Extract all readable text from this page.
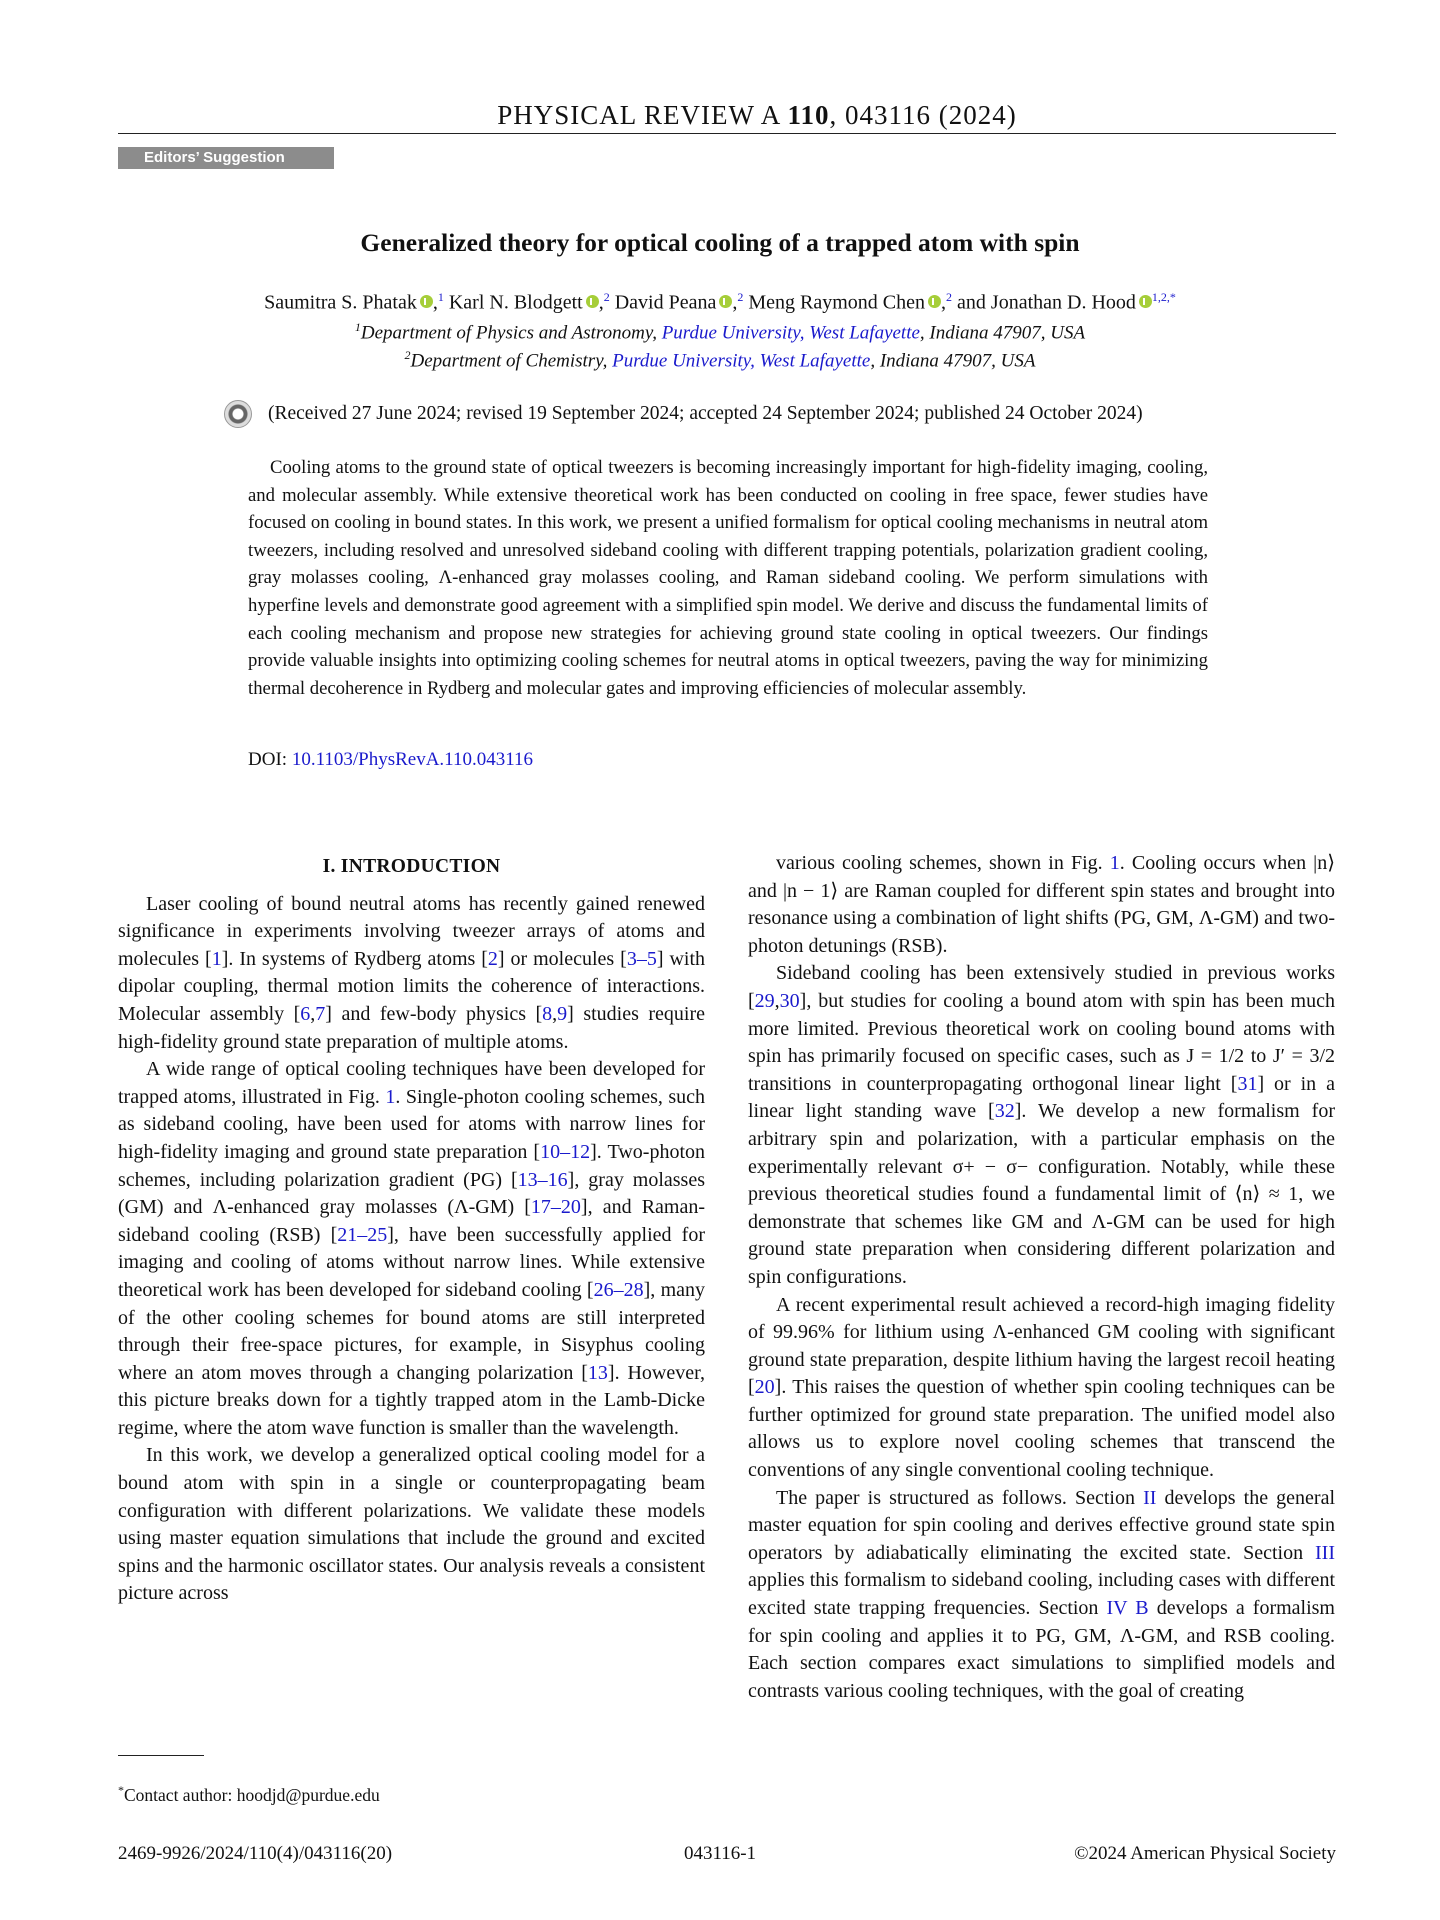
PHYSICAL REVIEW A 110, 043116 (2024)
Editors’ Suggestion
Generalized theory for optical cooling of a trapped atom with spin
Saumitra S. Phatak ,$^1$ Karl N. Blodgett ,$^2$ David Peana ,$^2$ Meng Raymond Chen ,$^2$ and Jonathan D. Hood $^{1,2,*}$
$^1$Department of Physics and Astronomy, Purdue University, West Lafayette, Indiana 47907, USA
$^2$Department of Chemistry, Purdue University, West Lafayette, Indiana 47907, USA
(Received 27 June 2024; revised 19 September 2024; accepted 24 September 2024; published 24 October 2024)

Cooling atoms to the ground state of optical tweezers is becoming increasingly important for high-fidelity imaging, cooling, and molecular assembly. While extensive theoretical work has been conducted on cooling in free space, fewer studies have focused on cooling in bound states. In this work, we present a unified formalism for optical cooling mechanisms in neutral atom tweezers, including resolved and unresolved sideband cooling with different trapping potentials, polarization gradient cooling, gray molasses cooling, Λ-enhanced gray molasses cooling, and Raman sideband cooling. We perform simulations with hyperfine levels and demonstrate good agreement with a simplified spin model. We derive and discuss the fundamental limits of each cooling mechanism and propose new strategies for achieving ground state cooling in optical tweezers. Our findings provide valuable insights into optimizing cooling schemes for neutral atoms in optical tweezers, paving the way for minimizing thermal decoherence in Rydberg and molecular gates and improving efficiencies of molecular assembly.

DOI: 10.1103/PhysRevA.110.043116
I. INTRODUCTION

Laser cooling of bound neutral atoms has recently gained renewed significance in experiments involving tweezer arrays of atoms and molecules [1]. In systems of Rydberg atoms [2] or molecules [3–5] with dipolar coupling, thermal motion limits the coherence of interactions. Molecular assembly [6,7] and few-body physics [8,9] studies require high-fidelity ground state preparation of multiple atoms.

A wide range of optical cooling techniques have been developed for trapped atoms, illustrated in Fig. 1. Single-photon cooling schemes, such as sideband cooling, have been used for atoms with narrow lines for high-fidelity imaging and ground state preparation [10–12]. Two-photon schemes, including polarization gradient (PG) [13–16], gray molasses (GM) and Λ-enhanced gray molasses (Λ-GM) [17–20], and Raman-sideband cooling (RSB) [21–25], have been successfully applied for imaging and cooling of atoms without narrow lines. While extensive theoretical work has been developed for sideband cooling [26–28], many of the other cooling schemes for bound atoms are still interpreted through their free-space pictures, for example, in Sisyphus cooling where an atom moves through a changing polarization [13]. However, this picture breaks down for a tightly trapped atom in the Lamb-Dicke regime, where the atom wave function is smaller than the wavelength.

In this work, we develop a generalized optical cooling model for a bound atom with spin in a single or counterpropagating beam configuration with different polarizations. We validate these models using master equation simulations that include the ground and excited spins and the harmonic oscillator states. Our analysis reveals a consistent picture across

various cooling schemes, shown in Fig. 1. Cooling occurs when |n⟩ and |n − 1⟩ are Raman coupled for different spin states and brought into resonance using a combination of light shifts (PG, GM, Λ-GM) and two-photon detunings (RSB).

Sideband cooling has been extensively studied in previous works [29,30], but studies for cooling a bound atom with spin has been much more limited. Previous theoretical work on cooling bound atoms with spin has primarily focused on specific cases, such as J = 1/2 to J′ = 3/2 transitions in counterpropagating orthogonal linear light [31] or in a linear light standing wave [32]. We develop a new formalism for arbitrary spin and polarization, with a particular emphasis on the experimentally relevant σ+ − σ− configuration. Notably, while these previous theoretical studies found a fundamental limit of ⟨n⟩ ≈ 1, we demonstrate that schemes like GM and Λ-GM can be used for high ground state preparation when considering different polarization and spin configurations.

A recent experimental result achieved a record-high imaging fidelity of 99.96% for lithium using Λ-enhanced GM cooling with significant ground state preparation, despite lithium having the largest recoil heating [20]. This raises the question of whether spin cooling techniques can be further optimized for ground state preparation. The unified model also allows us to explore novel cooling schemes that transcend the conventions of any single conventional cooling technique.

The paper is structured as follows. Section II develops the general master equation for spin cooling and derives effective ground state spin operators by adiabatically eliminating the excited state. Section III applies this formalism to sideband cooling, including cases with different excited state trapping frequencies. Section IV B develops a formalism for spin cooling and applies it to PG, GM, Λ-GM, and RSB cooling. Each section compares exact simulations to simplified models and contrasts various cooling techniques, with the goal of creating

*Contact author: hoodjd@purdue.edu
2469-9926/2024/110(4)/043116(20)	043116-1	©2024 American Physical Society
